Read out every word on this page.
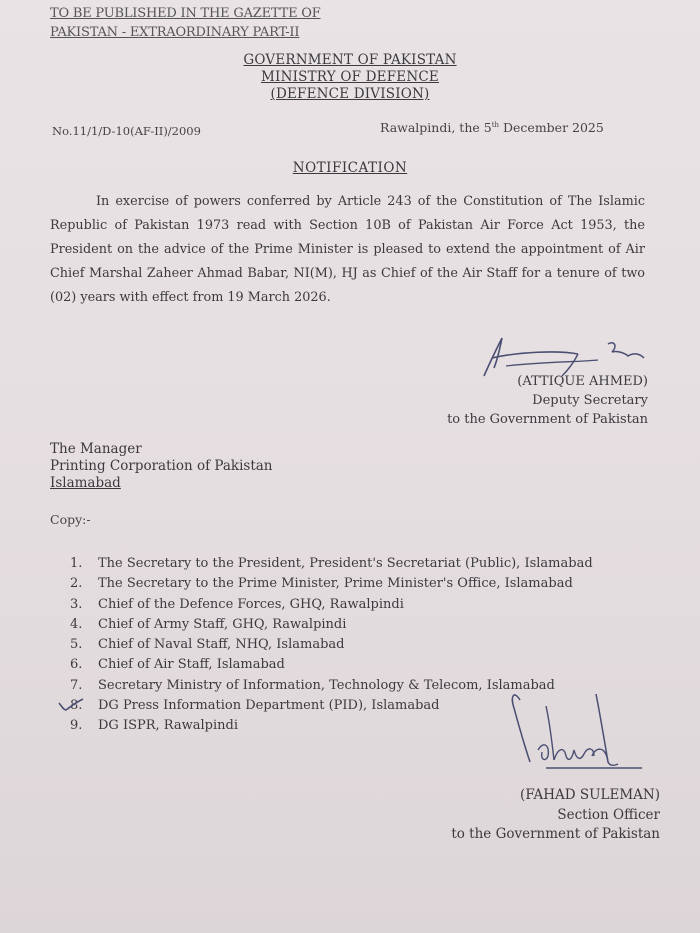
TO BE PUBLISHED IN THE GAZETTE OF
PAKISTAN - EXTRAORDINARY PART-II
GOVERNMENT OF PAKISTAN
MINISTRY OF DEFENCE
(DEFENCE DIVISION)
No.11/1/D-10(AF-II)/2009	Rawalpindi, the 5th December 2025
NOTIFICATION
In exercise of powers conferred by Article 243 of the Constitution of The Islamic Republic of Pakistan 1973 read with Section 10B of Pakistan Air Force Act 1953, the President on the advice of the Prime Minister is pleased to extend the appointment of Air Chief Marshal Zaheer Ahmad Babar, NI(M), HJ as Chief of the Air Staff for a tenure of two (02) years with effect from 19 March 2026.
(ATTIQUE AHMED)
Deputy Secretary
to the Government of Pakistan
The Manager
Printing Corporation of Pakistan
Islamabad
Copy:-
1. The Secretary to the President, President's Secretariat (Public), Islamabad
2. The Secretary to the Prime Minister, Prime Minister's Office, Islamabad
3. Chief of the Defence Forces, GHQ, Rawalpindi
4. Chief of Army Staff, GHQ, Rawalpindi
5. Chief of Naval Staff, NHQ, Islamabad
6. Chief of Air Staff, Islamabad
7. Secretary Ministry of Information, Technology & Telecom, Islamabad
8. DG Press Information Department (PID), Islamabad
9. DG ISPR, Rawalpindi
(FAHAD SULEMAN)
Section Officer
to the Government of Pakistan
